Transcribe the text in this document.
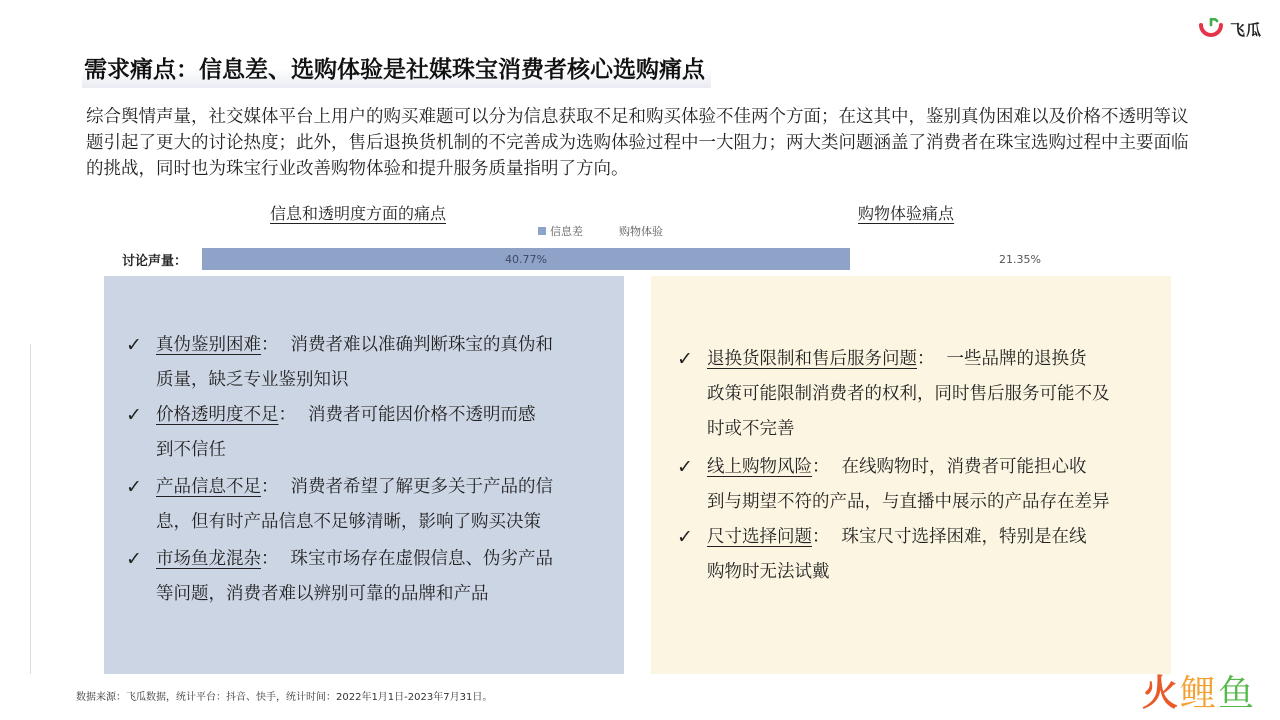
飞瓜
需求痛点：信息差、选购体验是社媒珠宝消费者核心选购痛点

综合舆情声量，社交媒体平台上用户的购买难题可以分为信息获取不足和购买体验不佳两个方面；在这其中，鉴别真伪困难以及价格不透明等议题引起了更大的讨论热度；此外，售后退换货机制的不完善成为选购体验过程中一大阻力；两大类问题涵盖了消费者在珠宝选购过程中主要面临的挑战，同时也为珠宝行业改善购物体验和提升服务质量指明了方向。

信息和透明度方面的痛点	购物体验痛点
信息差	购物体验
讨论声量：	40.77%	21.35%
✓ 真伪鉴别困难： 消费者难以准确判断珠宝的真伪和
质量，缺乏专业鉴别知识
✓ 价格透明度不足： 消费者可能因价格不透明而感
到不信任
✓ 产品信息不足： 消费者希望了解更多关于产品的信
息，但有时产品信息不足够清晰，影响了购买决策
✓ 市场鱼龙混杂： 珠宝市场存在虚假信息、伪劣产品
等问题，消费者难以辨别可靠的品牌和产品
✓ 退换货限制和售后服务问题： 一些品牌的退换货
政策可能限制消费者的权利，同时售后服务可能不及
时或不完善
✓ 线上购物风险： 在线购物时，消费者可能担心收
到与期望不符的产品，与直播中展示的产品存在差异
✓ 尺寸选择问题： 珠宝尺寸选择困难，特别是在线
购物时无法试戴
数据来源：飞瓜数据，统计平台：抖音、快手，统计时间：2022年1月1日-2023年7月31日。	火鲤鱼
